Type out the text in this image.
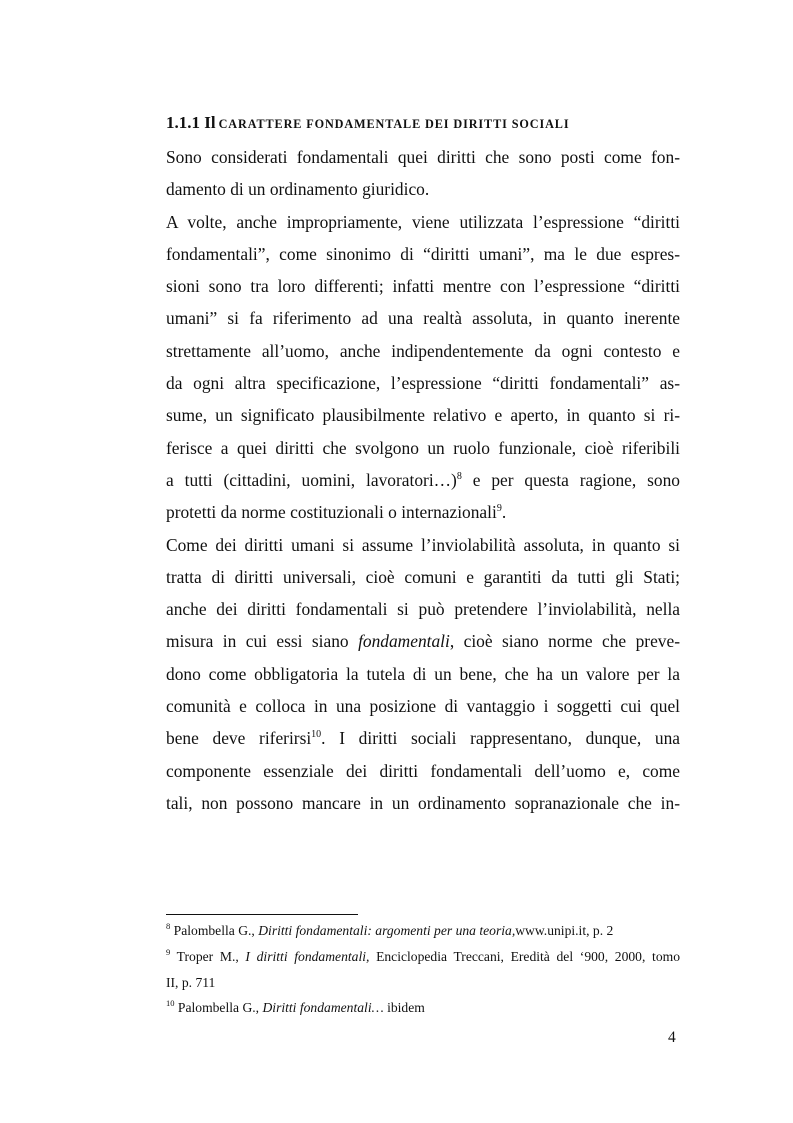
1.1.1 Il CARATTERE FONDAMENTALE DEI DIRITTI SOCIALI
Sono considerati fondamentali quei diritti che sono posti come fon-
damento di un ordinamento giuridico.
A volte, anche impropriamente, viene utilizzata l’espressione “diritti
fondamentali”, come sinonimo di “diritti umani”, ma le due espres-
sioni sono tra loro differenti; infatti mentre con l’espressione “diritti
umani” si fa riferimento ad una realtà assoluta, in quanto inerente
strettamente all’uomo, anche indipendentemente da ogni contesto e
da ogni altra specificazione, l’espressione “diritti fondamentali” as-
sume, un significato plausibilmente relativo e aperto, in quanto si ri-
ferisce a quei diritti che svolgono un ruolo funzionale, cioè riferibili
a tutti (cittadini, uomini, lavoratori…)$^8$ e per questa ragione, sono
protetti da norme costituzionali o internazionali$^9$.
Come dei diritti umani si assume l’inviolabilità assoluta, in quanto si
tratta di diritti universali, cioè comuni e garantiti da tutti gli Stati;
anche dei diritti fondamentali si può pretendere l’inviolabilità, nella
misura in cui essi siano fondamentali, cioè siano norme che preve-
dono come obbligatoria la tutela di un bene, che ha un valore per la
comunità e colloca in una posizione di vantaggio i soggetti cui quel
bene deve riferirsi$^{10}$. I diritti sociali rappresentano, dunque, una
componente essenziale dei diritti fondamentali dell’uomo e, come
tali, non possono mancare in un ordinamento sopranazionale che in-
$^8$ Palombella G., Diritti fondamentali: argomenti per una teoria,www.unipi.it, p. 2
$^9$ Troper M., I diritti fondamentali, Enciclopedia Treccani, Eredità del ‘900, 2000, tomo
II, p. 711
$^{10}$ Palombella G., Diritti fondamentali… ibidem
4
